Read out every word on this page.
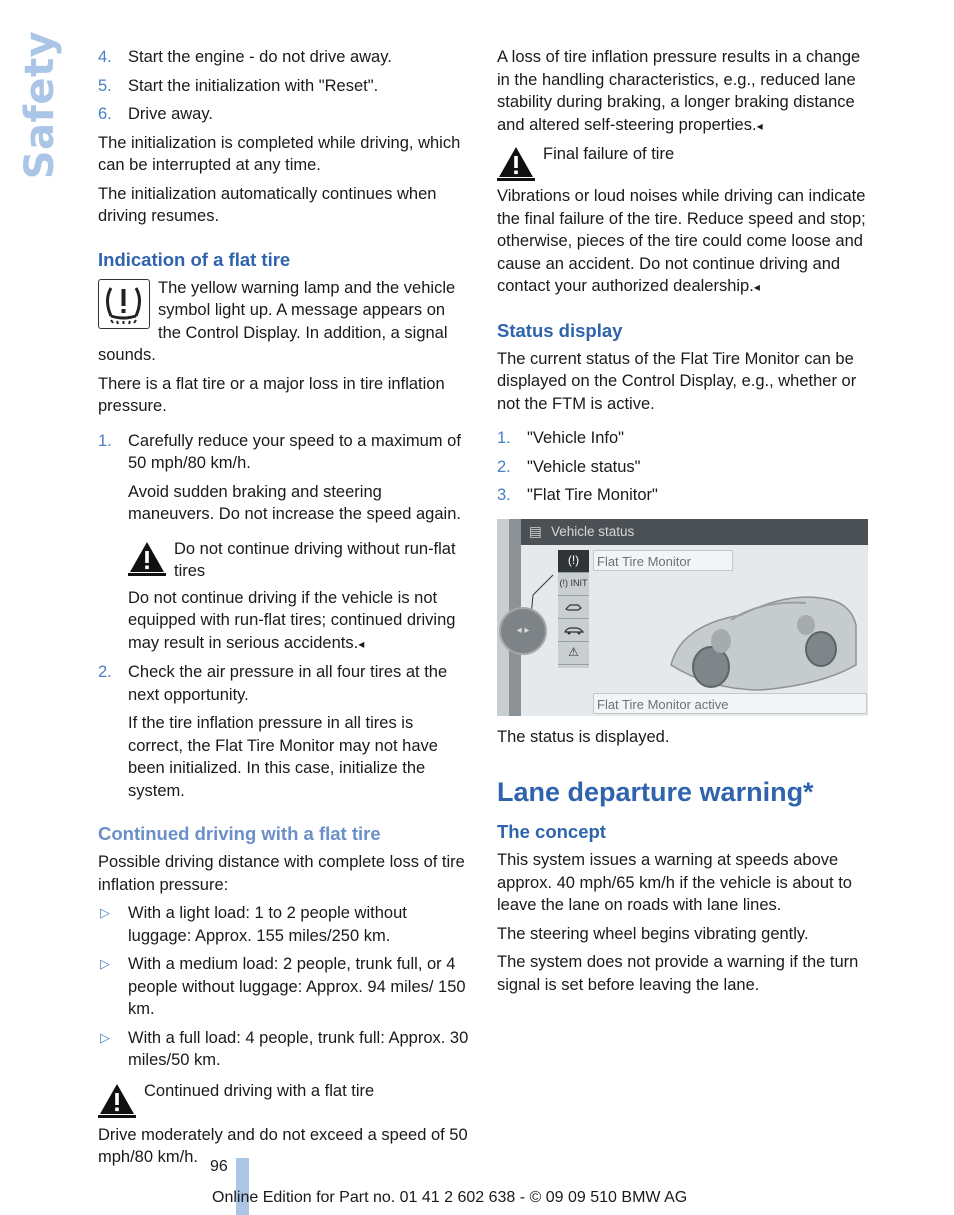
Safety 4. Start the engine - do not drive away.
5. Start the initialization with "Reset".
6. Drive away.

The initialization is completed while driving, which can be interrupted at any time.

The initialization automatically continues when driving resumes.

Indication of a flat tire
The yellow warning lamp and the vehicle symbol light up. A message appears on the Control Display. In addition, a signal sounds.

There is a flat tire or a major loss in tire inflation pressure.

1. Carefully reduce your speed to a maximum of 50 mph/80 km/h.

Avoid sudden braking and steering maneuvers. Do not increase the speed again.

Do not continue driving without run-flat tires

Do not continue driving if the vehicle is not equipped with run-flat tires; continued driving may result in serious accidents.◂

2. Check the air pressure in all four tires at the next opportunity.

If the tire inflation pressure in all tires is correct, the Flat Tire Monitor may not have been initialized. In this case, initialize the system.

Continued driving with a flat tire

Possible driving distance with complete loss of tire inflation pressure:

▷ With a light load: 1 to 2 people without luggage: Approx. 155 miles/250 km.
▷ With a medium load: 2 people, trunk full, or 4 people without luggage: Approx. 94 miles/ 150 km.
▷ With a full load: 4 people, trunk full: Approx. 30 miles/50 km.
Continued driving with a flat tire

Drive moderately and do not exceed a speed of 50 mph/80 km/h.

A loss of tire inflation pressure results in a change in the handling characteristics, e.g., reduced lane stability during braking, a longer braking distance and altered self-steering properties.◂

Final failure of tire

Vibrations or loud noises while driving can indicate the final failure of the tire. Reduce speed and stop; otherwise, pieces of the tire could come loose and cause an accident. Do not continue driving and contact your authorized dealership.◂

Status display

The current status of the Flat Tire Monitor can be displayed on the Control Display, e.g., whether or not the FTM is active.

1. "Vehicle Info"
2. "Vehicle status"
3. "Flat Tire Monitor"
▤ Vehicle status
(!)
(!) INIT
⚠
Flat Tire Monitor
◂ ▸
Flat Tire Monitor active

The status is displayed.

Lane departure warning*
The concept

This system issues a warning at speeds above approx. 40 mph/65 km/h if the vehicle is about to leave the lane on roads with lane lines.

The steering wheel begins vibrating gently.

The system does not provide a warning if the turn signal is set before leaving the lane.

96
Online Edition for Part no. 01 41 2 602 638 - © 09 09 510 BMW AG
